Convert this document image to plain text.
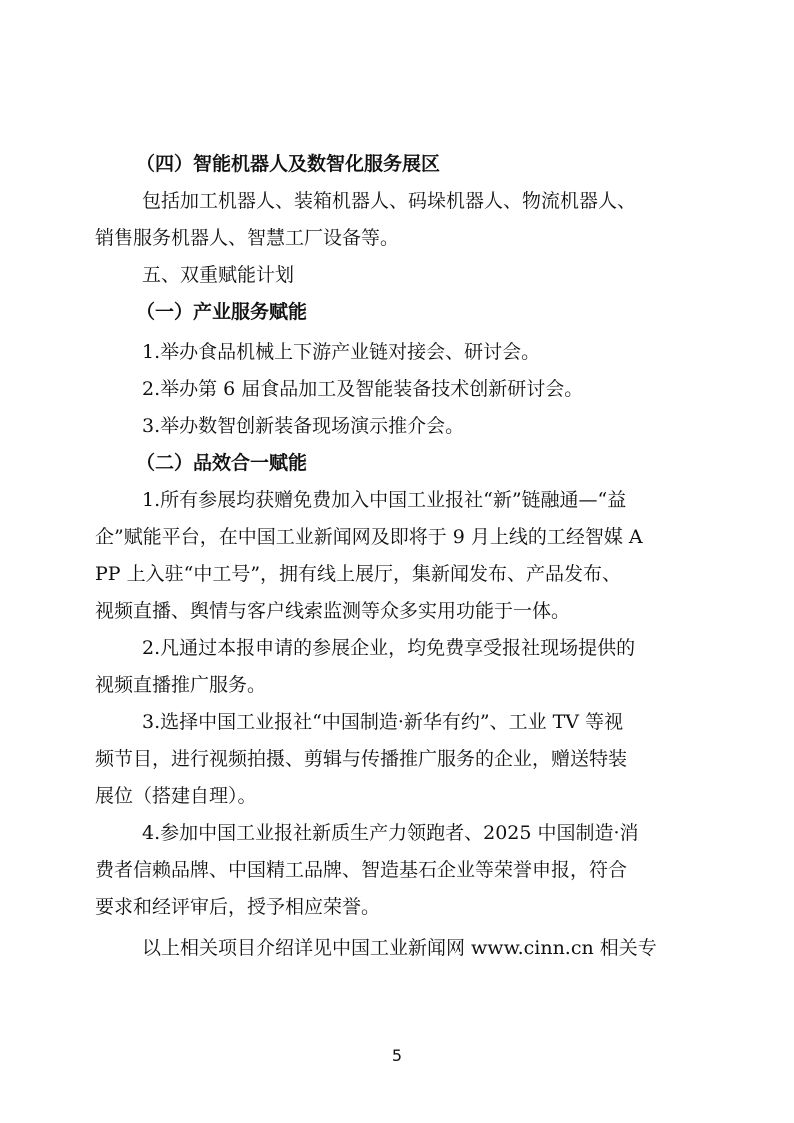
（四）智能机器人及数智化服务展区
包括加工机器人、装箱机器人、码垛机器人、物流机器人、
销售服务机器人、智慧工厂设备等。
五、双重赋能计划
（一）产业服务赋能
1.举办食品机械上下游产业链对接会、研讨会。
2.举办第 6 届食品加工及智能装备技术创新研讨会。
3.举办数智创新装备现场演示推介会。
（二）品效合一赋能
1.所有参展均获赠免费加入中国工业报社“新”链融通—“益
企”赋能平台，在中国工业新闻网及即将于 9 月上线的工经智媒 A
PP 上入驻“中工号”，拥有线上展厅，集新闻发布、产品发布、
视频直播、舆情与客户线索监测等众多实用功能于一体。
2.凡通过本报申请的参展企业，均免费享受报社现场提供的
视频直播推广服务。
3.选择中国工业报社“中国制造·新华有约”、工业 TV 等视
频节目，进行视频拍摄、剪辑与传播推广服务的企业，赠送特装
展位（搭建自理）。
4.参加中国工业报社新质生产力领跑者、2025 中国制造·消
费者信赖品牌、中国精工品牌、智造基石企业等荣誉申报，符合
要求和经评审后，授予相应荣誉。
以上相关项目介绍详见中国工业新闻网 www.cinn.cn 相关专
5
